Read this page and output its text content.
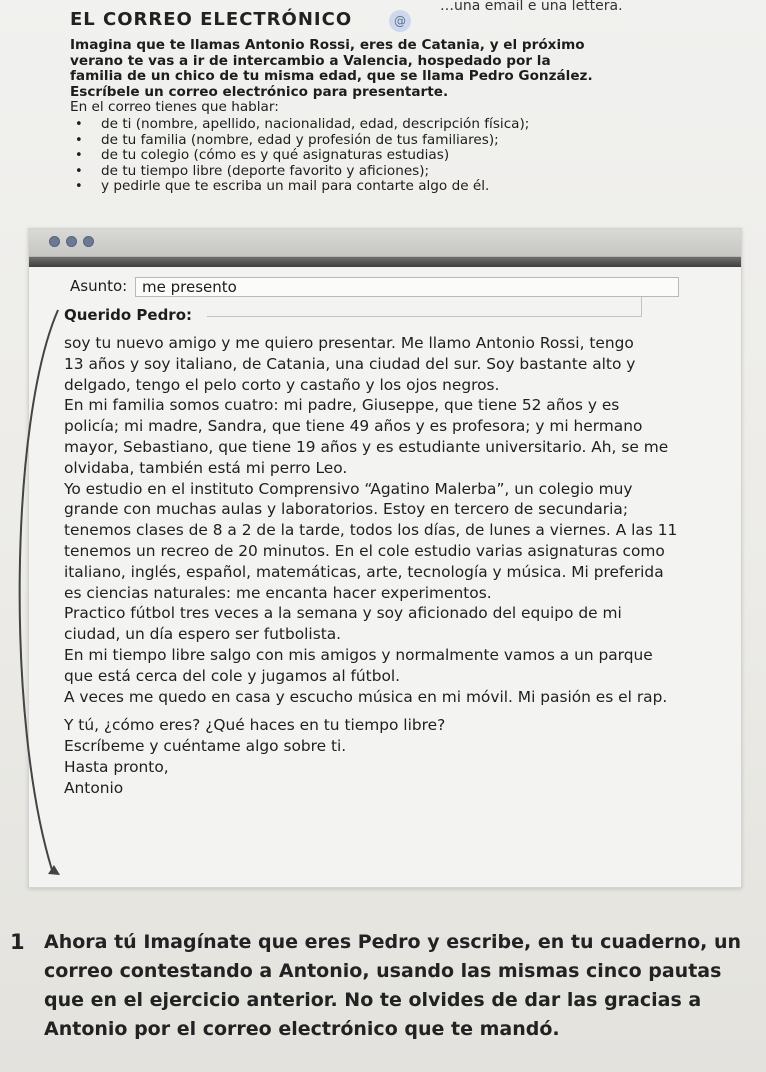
…una email e una lettera.
EL CORREO ELECTRÓNICO	@
Imagina que te llamas Antonio Rossi, eres de Catania, y el próximo
verano te vas a ir de intercambio a Valencia, hospedado por la
familia de un chico de tu misma edad, que se llama Pedro González.
Escríbele un correo electrónico para presentarte.
En el correo tienes que hablar:
• de ti (nombre, apellido, nacionalidad, edad, descripción física);
• de tu familia (nombre, edad y profesión de tus familiares);
• de tu colegio (cómo es y qué asignaturas estudias)
• de tu tiempo libre (deporte favorito y aficiones);
• y pedirle que te escriba un mail para contarte algo de él.
Asunto: me presento
Querido Pedro:

soy tu nuevo amigo y me quiero presentar. Me llamo Antonio Rossi, tengo

13 años y soy italiano, de Catania, una ciudad del sur. Soy bastante alto y

delgado, tengo el pelo corto y castaño y los ojos negros.

En mi familia somos cuatro: mi padre, Giuseppe, que tiene 52 años y es

policía; mi madre, Sandra, que tiene 49 años y es profesora; y mi hermano

mayor, Sebastiano, que tiene 19 años y es estudiante universitario. Ah, se me

olvidaba, también está mi perro Leo.

Yo estudio en el instituto Comprensivo “Agatino Malerba”, un colegio muy

grande con muchas aulas y laboratorios. Estoy en tercero de secundaria;

tenemos clases de 8 a 2 de la tarde, todos los días, de lunes a viernes. A las 11

tenemos un recreo de 20 minutos. En el cole estudio varias asignaturas como

italiano, inglés, español, matemáticas, arte, tecnología y música. Mi preferida

es ciencias naturales: me encanta hacer experimentos.

Practico fútbol tres veces a la semana y soy aficionado del equipo de mi

ciudad, un día espero ser futbolista.

En mi tiempo libre salgo con mis amigos y normalmente vamos a un parque

que está cerca del cole y jugamos al fútbol.

A veces me quedo en casa y escucho música en mi móvil. Mi pasión es el rap.

Y tú, ¿cómo eres? ¿Qué haces en tu tiempo libre?

Escríbeme y cuéntame algo sobre ti.

Hasta pronto,

Antonio

1 Ahora tú Imagínate que eres Pedro y escribe, en tu cuaderno, un correo contestando a Antonio, usando las mismas cinco pautas que en el ejercicio anterior. No te olvides de dar las gracias a Antonio por el correo electrónico que te mandó.
